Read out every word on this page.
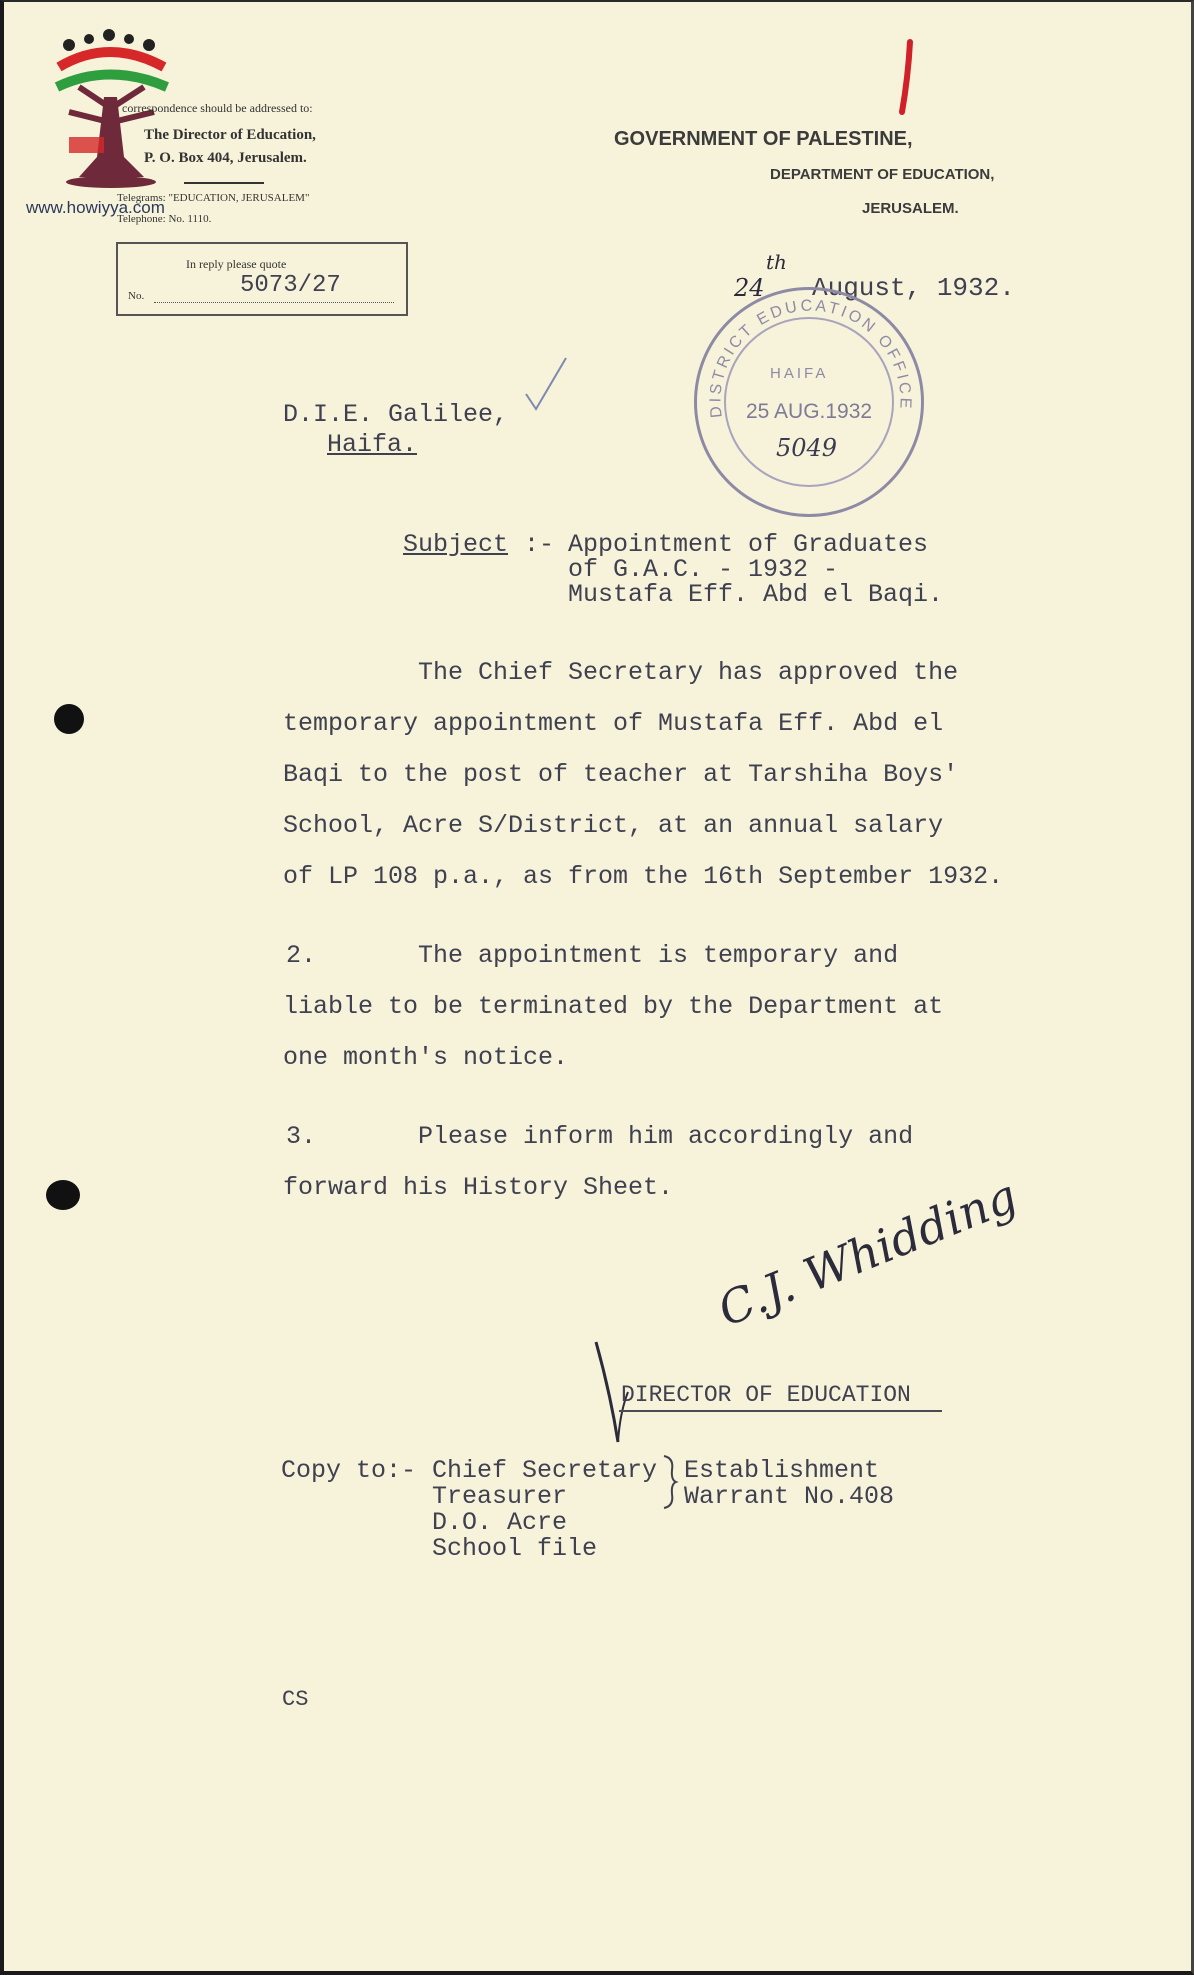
www.howiyya.com
correspondence should be addressed to:
The Director of Education,
P. O. Box 404, Jerusalem.
Telegrams: "EDUCATION, JERUSALEM"
Telephone: No. 1110.
In reply please quote
No.	5073/27
GOVERNMENT OF PALESTINE,
DEPARTMENT OF EDUCATION,
JERUSALEM.
24
th
August, 1932.
DISTRICT EDUCATION OFFICE
HAIFA
25 AUG.1932
5049
D.I.E. Galilee,
Haifa.
Subject :- Appointment of Graduates
of G.A.C. - 1932 -
Mustafa Eff. Abd el Baqi.
The Chief Secretary has approved the
temporary appointment of Mustafa Eff. Abd el
Baqi to the post of teacher at Tarshiha Boys'
School, Acre S/District, at an annual salary
of LP 108 p.a., as from the 16th September 1932.
2.	The appointment is temporary and
liable to be terminated by the Department at
one month's notice.
3.	Please inform him accordingly and
forward his History Sheet. C.J. Whidding
DIRECTOR OF EDUCATION
Copy to:- Chief Secretary
Treasurer
D.O. Acre
School file
Establishment
Warrant No.408
CS
